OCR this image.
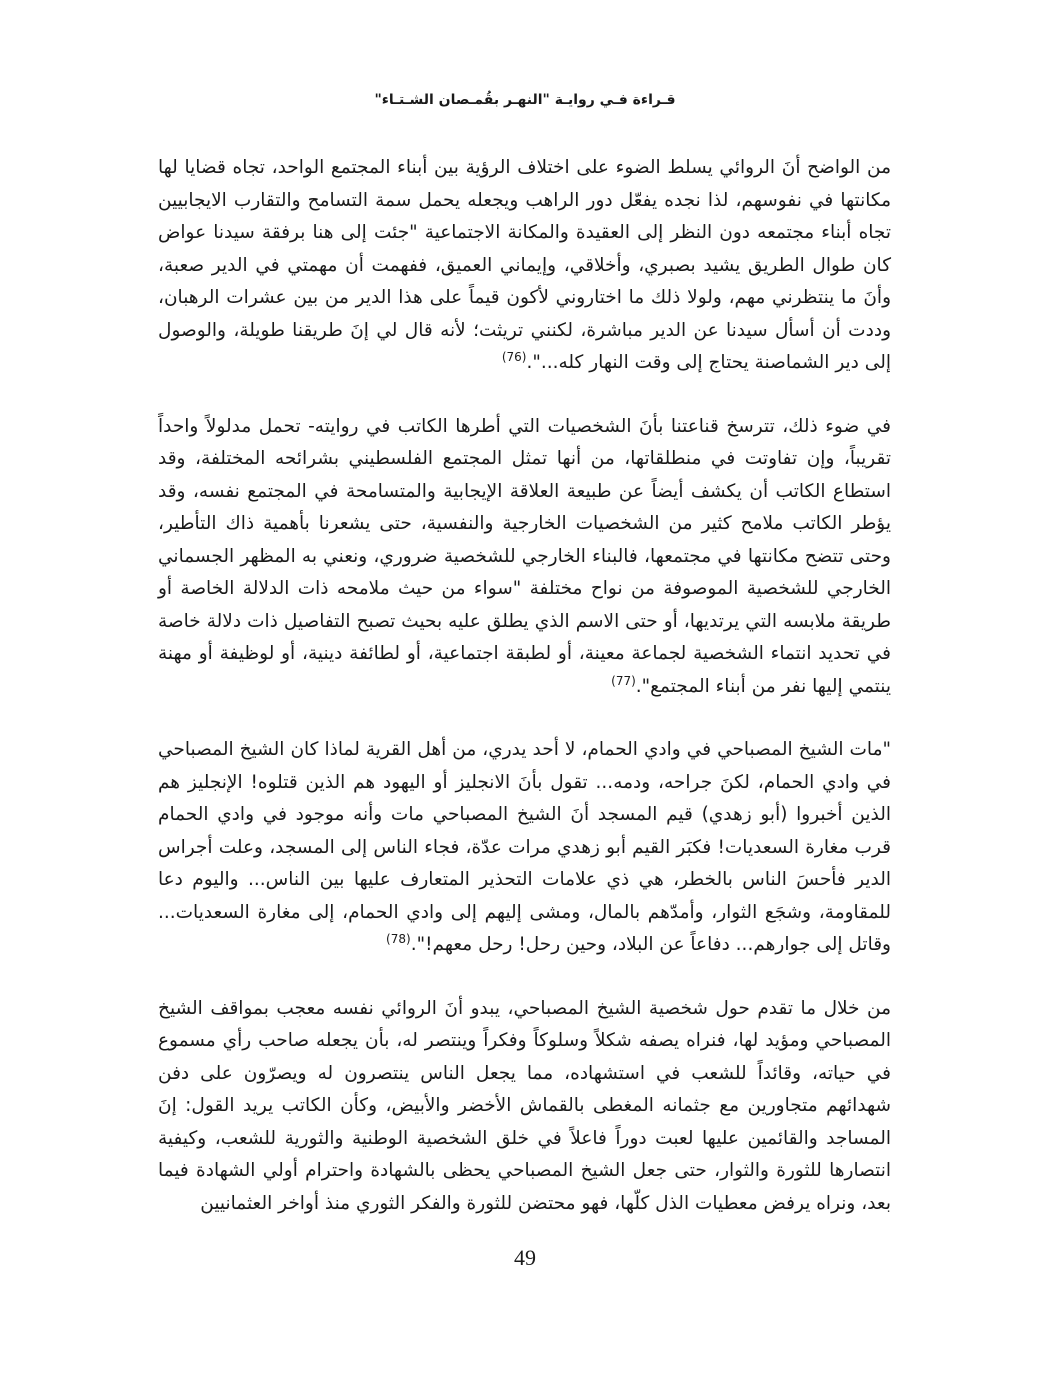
قـراءة فـي روايـة "النهـر بقُمـصان الشـتـاء"

من الواضح أنَ الروائي يسلط الضوء على اختلاف الرؤية بين أبناء المجتمع الواحد، تجاه قضايا لها مكانتها في نفوسهم، لذا نجده يفعّل دور الراهب ويجعله يحمل سمة التسامح والتقارب الايجابيين تجاه أبناء مجتمعه دون النظر إلى العقيدة والمكانة الاجتماعية "جئت إلى هنا برفقة سيدنا عواض كان طوال الطريق يشيد بصبري، وأخلاقي، وإيماني العميق، ففهمت أن مهمتي في الدير صعبة، وأنَ ما ينتظرني مهم، ولولا ذلك ما اختاروني لأكون قيماً على هذا الدير من بين عشرات الرهبان، وددت أن أسأل سيدنا عن الدير مباشرة، لكنني تريثت؛ لأنه قال لي إنَ طريقنا طويلة، والوصول إلى دير الشماصنة يحتاج إلى وقت النهار كله...".$^{(76)}$

في ضوء ذلك، تترسخ قناعتنا بأنَ الشخصيات التي أطرها الكاتب في روايته- تحمل مدلولاً واحداً تقريباً، وإن تفاوتت في منطلقاتها، من أنها تمثل المجتمع الفلسطيني بشرائحه المختلفة، وقد استطاع الكاتب أن يكشف أيضاً عن طبيعة العلاقة الإيجابية والمتسامحة في المجتمع نفسه، وقد يؤطر الكاتب ملامح كثير من الشخصيات الخارجية والنفسية، حتى يشعرنا بأهمية ذاك التأطير، وحتى تتضح مكانتها في مجتمعها، فالبناء الخارجي للشخصية ضروري، ونعني به المظهر الجسماني الخارجي للشخصية الموصوفة من نواح مختلفة "سواء من حيث ملامحه ذات الدلالة الخاصة أو طريقة ملابسه التي يرتديها، أو حتى الاسم الذي يطلق عليه بحيث تصبح التفاصيل ذات دلالة خاصة في تحديد انتماء الشخصية لجماعة معينة، أو لطبقة اجتماعية، أو لطائفة دينية، أو لوظيفة أو مهنة ينتمي إليها نفر من أبناء المجتمع".$^{(77)}$

"مات الشيخ المصباحي في وادي الحمام، لا أحد يدري، من أهل القرية لماذا كان الشيخ المصباحي في وادي الحمام، لكنَ جراحه، ودمه... تقول بأنَ الانجليز أو اليهود هم الذين قتلوه! الإنجليز هم الذين أخبروا (أبو زهدي) قيم المسجد أنَ الشيخ المصباحي مات وأنه موجود في وادي الحمام قرب مغارة السعديات! فكبَر القيم أبو زهدي مرات عدّة، فجاء الناس إلى المسجد، وعلت أجراس الدير فأحسَ الناس بالخطر، هي ذي علامات التحذير المتعارف عليها بين الناس... واليوم دعا للمقاومة، وشجَع الثوار، وأمدّهم بالمال، ومشى إليهم إلى وادي الحمام، إلى مغارة السعديات... وقاتل إلى جوارهم... دفاعاً عن البلاد، وحين رحل! رحل معهم!".$^{(78)}$

من خلال ما تقدم حول شخصية الشيخ المصباحي، يبدو أنَ الروائي نفسه معجب بمواقف الشيخ المصباحي ومؤيد لها، فنراه يصفه شكلاً وسلوكاً وفكراً وينتصر له، بأن يجعله صاحب رأي مسموع في حياته، وقائداً للشعب في استشهاده، مما يجعل الناس ينتصرون له ويصرّون على دفن شهدائهم متجاورين مع جثمانه المغطى بالقماش الأخضر والأبيض، وكأن الكاتب يريد القول: إنَ المساجد والقائمين عليها لعبت دوراً فاعلاً في خلق الشخصية الوطنية والثورية للشعب، وكيفية انتصارها للثورة والثوار، حتى جعل الشيخ المصباحي يحظى بالشهادة واحترام أولي الشهادة فيما بعد، ونراه يرفض معطيات الذل كلّها، فهو محتضن للثورة والفكر الثوري منذ أواخر العثمانيين

49
